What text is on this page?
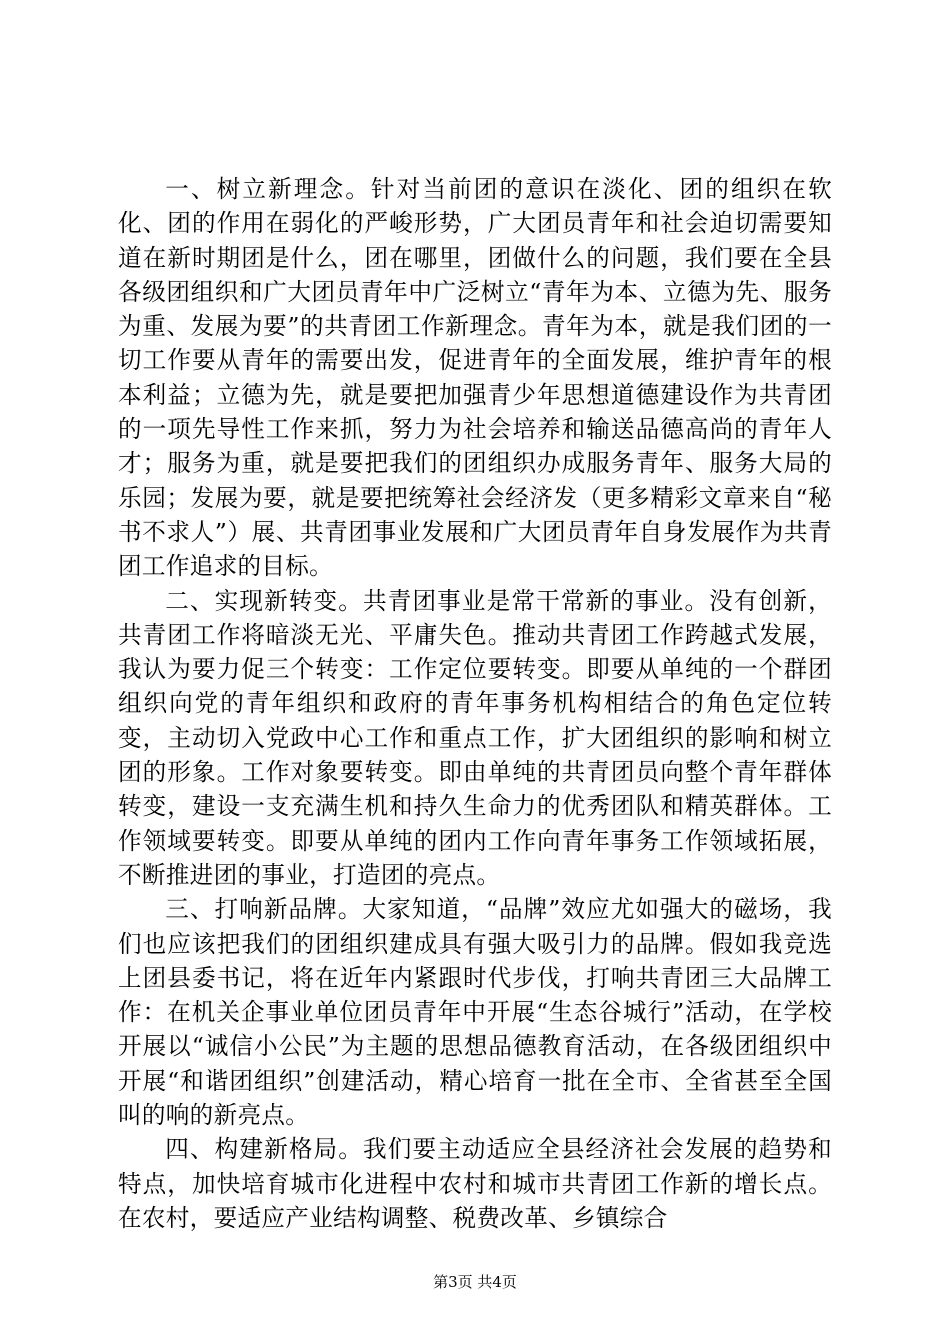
一、树立新理念。针对当前团的意识在淡化、团的组织在软化、团的作用在弱化的严峻形势，广大团员青年和社会迫切需要知道在新时期团是什么，团在哪里，团做什么的问题，我们要在全县各级团组织和广大团员青年中广泛树立“青年为本、立德为先、服务为重、发展为要”的共青团工作新理念。青年为本，就是我们团的一切工作要从青年的需要出发，促进青年的全面发展，维护青年的根本利益；立德为先，就是要把加强青少年思想道德建设作为共青团的一项先导性工作来抓，努力为社会培养和输送品德高尚的青年人才；服务为重，就是要把我们的团组织办成服务青年、服务大局的乐园；发展为要，就是要把统筹社会经济发（更多精彩文章来自“秘书不求人”）展、共青团事业发展和广大团员青年自身发展作为共青团工作追求的目标。

二、实现新转变。共青团事业是常干常新的事业。没有创新，共青团工作将暗淡无光、平庸失色。推动共青团工作跨越式发展，我认为要力促三个转变：工作定位要转变。即要从单纯的一个群团组织向党的青年组织和政府的青年事务机构相结合的角色定位转变，主动切入党政中心工作和重点工作，扩大团组织的影响和树立团的形象。工作对象要转变。即由单纯的共青团员向整个青年群体转变，建设一支充满生机和持久生命力的优秀团队和精英群体。工作领域要转变。即要从单纯的团内工作向青年事务工作领域拓展，不断推进团的事业，打造团的亮点。

三、打响新品牌。大家知道，“品牌”效应尤如强大的磁场，我们也应该把我们的团组织建成具有强大吸引力的品牌。假如我竞选上团县委书记，将在近年内紧跟时代步伐，打响共青团三大品牌工作：在机关企事业单位团员青年中开展“生态谷城行”活动，在学校开展以“诚信小公民”为主题的思想品德教育活动，在各级团组织中开展“和谐团组织”创建活动，精心培育一批在全市、全省甚至全国叫的响的新亮点。

四、构建新格局。我们要主动适应全县经济社会发展的趋势和特点，加快培育城市化进程中农村和城市共青团工作新的增长点。在农村，要适应产业结构调整、税费改革、乡镇综合

第3页 共4页
